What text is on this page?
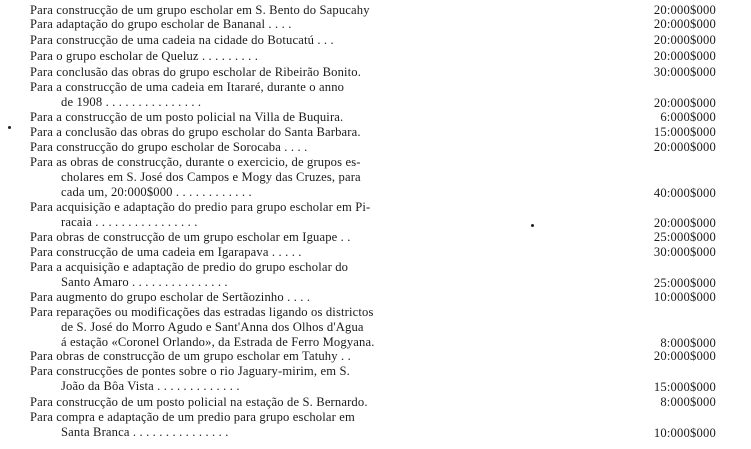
Para construcção de um grupo escholar em S. Bento do Sapucahy	20:000$000
Para adaptação do grupo escholar de Bananal . . . .	20:000$000
Para construcção de uma cadeia na cidade do Botucatú . . .	20:000$000
Para o grupo escholar de Queluz . . . . . . . . .	20:000$000
Para conclusão das obras do grupo escholar de Ribeirão Bonito.	30:000$000
Para a construcção de uma cadeia em Itararé, durante o anno
de 1908 . . . . . . . . . . . . . . .	20:000$000
Para a construcção de um posto policial na Villa de Buquira.	6:000$000
Para a conclusão das obras do grupo escholar do Santa Barbara.	15:000$000
Para construcção do grupo escholar de Sorocaba . . . .	20:000$000
Para as obras de construcção, durante o exercicio, de grupos es-
cholares em S. José dos Campos e Mogy das Cruzes, para
cada um, 20:000$000 . . . . . . . . . . . .	40:000$000
Para acquisição e adaptação do predio para grupo escholar em Pi-
racaia . . . . . . . . . . . . . . . .	20:000$000
Para obras de construcção de um grupo escholar em Iguape . .	25:000$000
Para construcção de uma cadeia em Igarapava . . . . .	30:000$000
Para a acquisição e adaptação de predio do grupo escholar do
Santo Amaro . . . . . . . . . . . . . . .	25:000$000
Para augmento do grupo escholar de Sertãozinho . . . .	10:000$000
Para reparações ou modificações das estradas ligando os districtos
de S. José do Morro Agudo e Sant'Anna dos Olhos d'Agua
á estação «Coronel Orlando», da Estrada de Ferro Mogyana.	8:000$000
Para obras de construcção de um grupo escholar em Tatuhy . .	20:000$000
Para construcções de pontes sobre o rio Jaguary-mirim, em S.
João da Bôa Vista . . . . . . . . . . . . .	15:000$000
Para construcção de um posto policial na estação de S. Bernardo.	8:000$000
Para compra e adaptação de um predio para grupo escholar em
Santa Branca . . . . . . . . . . . . . . .	10:000$000
